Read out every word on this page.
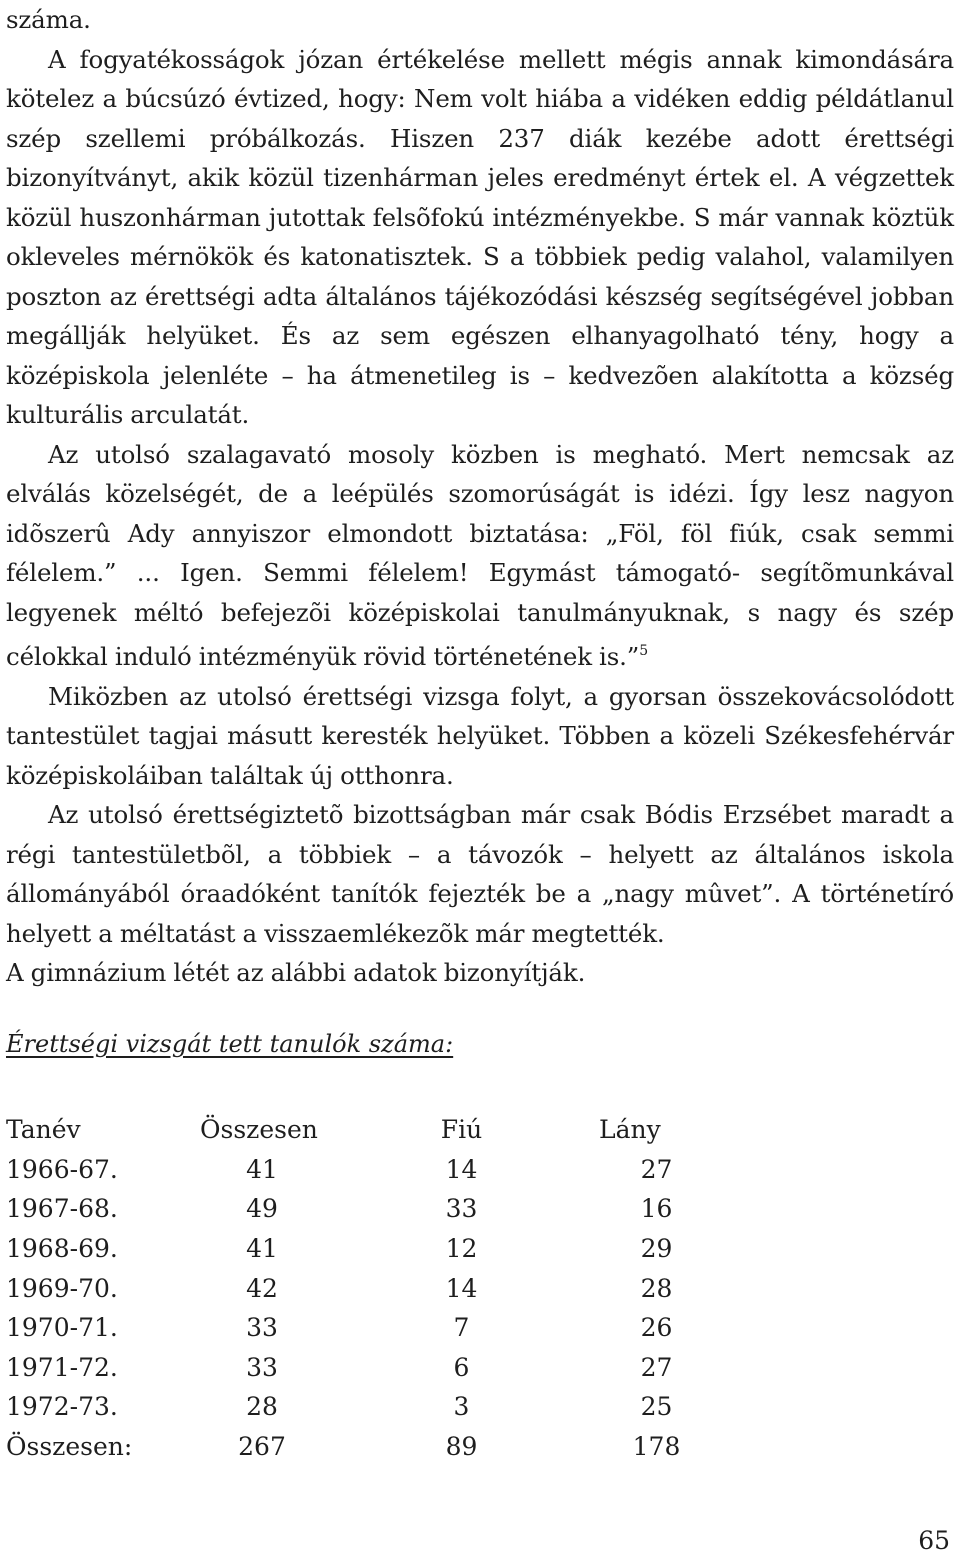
száma.

A fogyatékosságok józan értékelése mellett mégis annak kimondására kötelez a búcsúzó évtized, hogy: Nem volt hiába a vidéken eddig példátlanul szép szellemi próbálkozás. Hiszen 237 diák kezébe adott érettségi bizonyítványt, akik közül tizenhárman jeles eredményt értek el. A végzettek közül huszonhárman jutottak felsõfokú intézményekbe. S már vannak köztük okleveles mérnökök és katonatisztek. S a többiek pedig valahol, valamilyen poszton az érettségi adta általános tájékozódási készség segítségével jobban megállják helyüket. És az sem egészen elhanyagolható tény, hogy a középiskola jelenléte – ha átmenetileg is – kedvezõen alakította a község kulturális arculatát.

Az utolsó szalagavató mosoly közben is megható. Mert nemcsak az elválás közelségét, de a leépülés szomorúságát is idézi. Így lesz nagyon idõszerû Ady annyiszor elmondott biztatása: „Föl, föl fiúk, csak semmi félelem.” ... Igen. Semmi félelem! Egymást támogató- segítõmunkával legyenek méltó befejezõi középiskolai tanulmányuknak, s nagy és szép célokkal induló intézményük rövid történetének is.”$^5$

Miközben az utolsó érettségi vizsga folyt, a gyorsan összekovácsolódott tantestület tagjai másutt keresték helyüket. Többen a közeli Székesfehérvár középiskoláiban találtak új otthonra.

Az utolsó érettségiztetõ bizottságban már csak Bódis Erzsébet maradt a régi tantestületbõl, a többiek – a távozók – helyett az általános iskola állományából óraadóként tanítók fejezték be a „nagy mûvet”. A történetíró helyett a méltatást a visszaemlékezõk már megtették.

A gimnázium létét az alábbi adatok bizonyítják.

Érettségi vizsgát tett tanulók száma:

Tanév	Összesen	Fiú	Lány
1966-67.	41	14	27
1967-68.	49	33	16
1968-69.	41	12	29
1969-70.	42	14	28
1970-71.	33	7	26
1971-72.	33	6	27
1972-73.	28	3	25
Összesen:	267	89	178
65
